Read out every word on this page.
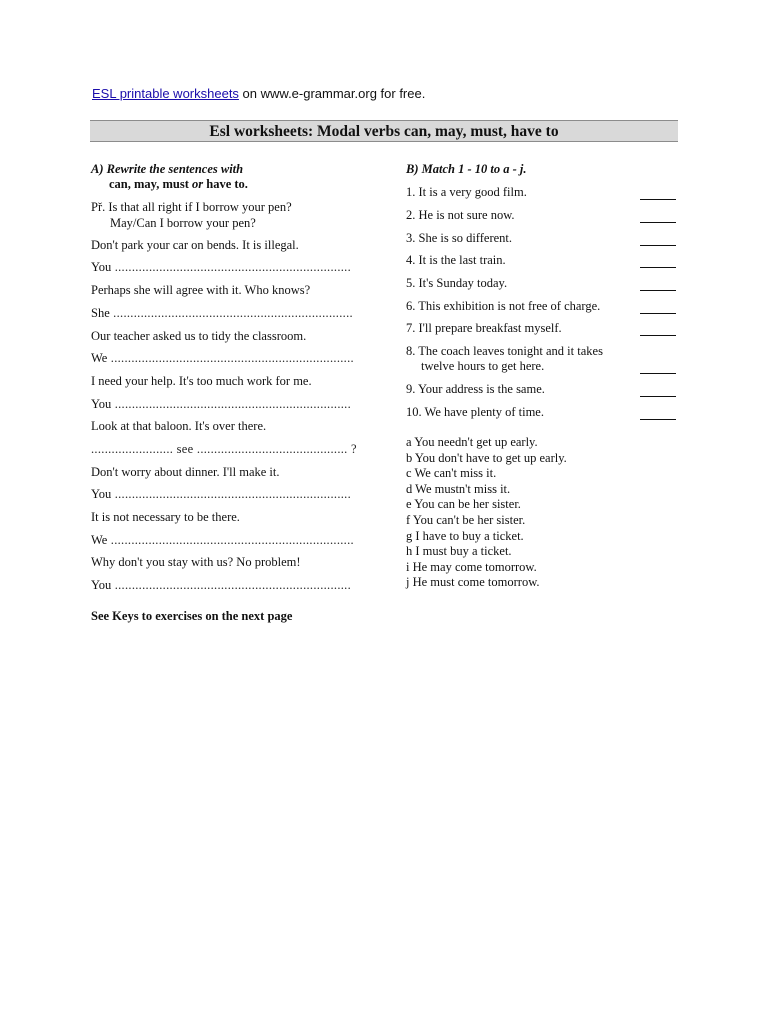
ESL printable worksheets on www.e-grammar.org for free.
Esl worksheets: Modal verbs can, may, must, have to
A) Rewrite the sentences with
can, may, must or have to.
Př. Is that all right if I borrow your pen?
May/Can I borrow your pen?
Don't park your car on bends. It is illegal.
You .....................................................................
Perhaps she will agree with it. Who knows?
She ......................................................................
Our teacher asked us to tidy the classroom.
We .......................................................................
I need your help. It's too much work for me.
You .....................................................................
Look at that baloon. It's over there.
........................ see ............................................ ?
Don't worry about dinner. I'll make it.
You .....................................................................
It is not necessary to be there.
We .......................................................................
Why don't you stay with us? No problem!
You .....................................................................
See Keys to exercises on the next page
B) Match 1 - 10 to a - j.
1. It is a very good film.
2. He is not sure now.
3. She is so different.
4. It is the last train.
5. It's Sunday today.
6. This exhibition is not free of charge.
7. I'll prepare breakfast myself.
8. The coach leaves tonight and it takes
twelve hours to get here.
9. Your address is the same.
10. We have plenty of time.
a You needn't get up early.
b You don't have to get up early.
c We can't miss it.
d We mustn't miss it.
e You can be her sister.
f You can't be her sister.
g I have to buy a ticket.
h I must buy a ticket.
i He may come tomorrow.
j He must come tomorrow.
